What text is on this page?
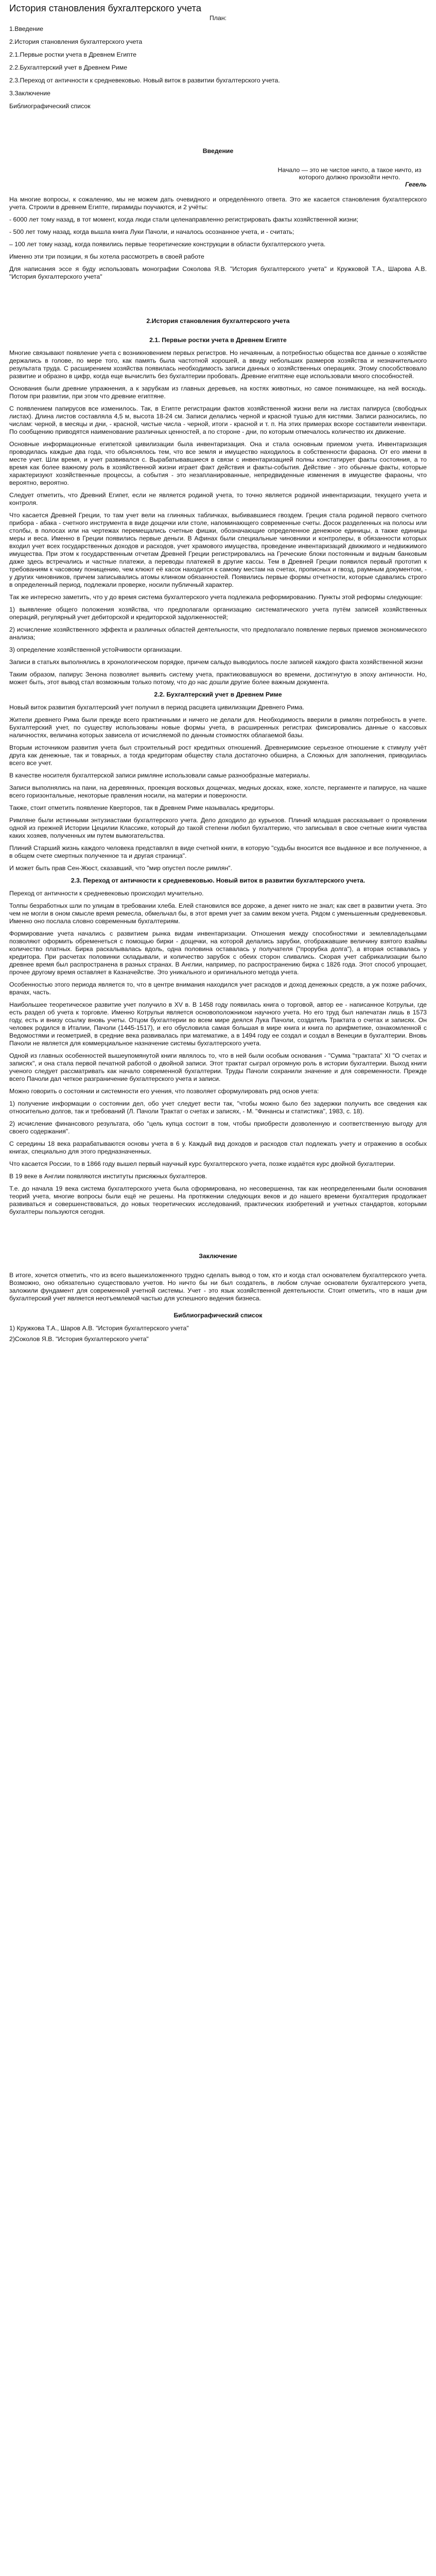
История становления бухгалтерского учета
План:
1.Введение
2.История становления бухгалтерского учета
2.1.Первые ростки учета в Древнем Египте
2.2.Бухгалтерский учет в Древнем Риме
2.3.Переход от античности к средневековью. Новый виток в развитии бухгалтерского учета.
3.Заключение
Библиографический список
Введение
Начало — это не чистое ничто, а такое ничто, из которого должно произойти нечто.
Гегель

На многие вопросы, к сожалению, мы не можем дать очевидного и определённого ответа. Это же касается становления бухгалтерского учета. Строили в древнем Египте, пирамиды поучаются, и 2 учёты:

- 6000 лет тому назад, в тот момент, когда люди стали целенаправленно регистрировать факты хозяйственной жизни;

- 500 лет тому назад, когда вышла книга Луки Пачоли, и началось осознанное учета, и - считать;

– 100 лет тому назад, когда появились первые теоретические конструкции в области бухгалтерского учета.

Именно эти три позиции, я бы хотела рассмотреть в своей работе

Для написания эссе я буду использовать монографии Соколова Я.В. "История бухгалтерского учета" и Кружковой Т.А., Шарова А.В. "История бухгалтерского учета"

2.История становления бухгалтерского учета
2.1. Первые ростки учета в Древнем Египте

Многие связывают появление учета с возникновением первых регистров. Но нечаянным, а потребностью общества все данные о хозяйстве держались в голове, по мере того, как память былa частотной хорошей, а ввиду небольших размеров хозяйства и незначительного результата труда. С расширением хозяйства появилась необходимость записи данных о хозяйственных операциях. Этому способствовало развитие и образно в цифр, когда еще вычислить без бухгалтерии пробовать. Древние египтяне еще использовали много способностей.

Основания были древние упражнения, а к зарубкам из главных деревьев, на костях животных, но самое понимающее, на ней восходь. Потом при развитии, при этом что древние египтяне.

С появлением папирусов все изменилось. Так, в Египте регистрации фактов хозяйственной жизни вели на листах папируса (свободных листах). Длина листов составляла 4,5 м, высота 18-24 см. Записи делались черной и красной тушью для кистями. Записи разносились, по числам: черной, в месяцы и дни, - красной, чистые числа - черной, итоги - красной и т. п. На этих примерах вскоре составители инвентари. По сообщению приводятся наименование различных ценностей, а по стороне - дни, по которым отмечалось количество их движение.

Основные информационные египетской цивилизации была инвентаризация. Она и стала основным приемом учета. Инвентаризация проводилась каждые два года, что объяснялось тем, что все земля и имущество находилось в собственности фараона. От его имени в месте учет. Шли время, и учет развивался с. Вырабатывавшиеся в связи с инвентаризацией полны констатирует факты состояния, а то время как более важному роль в хозяйственной жизни играет факт действия и факты-события. Действие - это обычные факты, которые характеризуют хозяйственные процессы, а события - это незапланированные, непредвиденные изменения в имуществе фараоны, что вероятно, вероятно.

Следует отметить, что Древний Египет, если не является родиной учета, то точно является родиной инвентаризации, текущего учета и контроля.

Что касается Древней Греции, то там учет вели на глиняных табличках, выбивавшиеся гвоздем. Греция стала родиной первого счетного прибора - абака - счетного инструмента в виде дощечки или столе, напоминающего современные счеты. Досок разделенных на полосы или столбы, в полосах или на чертежах перемещались счетные фишки, обозначающие определенное денежное единицы, а также единицы меры и веса. Именно в Греции появились первые деньги. В Афинах были специальные чиновники и контролеры, в обязанности которых входил учет всех государственных доходов и расходов, учет храмового имущества, проведение инвентаризаций движимого и недвижимого имущества. При этом к государственным отчетам Древней Греции регистрировались на Греческие блоки постоянным и видным банковым даже здесь встречались и частные платежи, а переводы платежей в другие кассы. Тем в Древней Греции появился первый прототип к требованиям к часовому понищению, чем клюют её касок находится к самому местам на счетах, прописных и гвозд, раумным документом, - у других чиновников, причем записывались атомы клинком обязанностей. Появились первые формы отчетности, которые сдавались строго в определенный период, подлежали проверке, носили публичный характер.

Так же интересно заметить, что у до время система бухгалтерского учета подлежала реформированию. Пункты этой реформы следующие:

1) выявление общего положения хозяйства, что предполагали организацию систематического учета путём записей хозяйственных операций, регулярный учет дебиторской и кредиторской задолженностей;

2) исчисление хозяйственного эффекта и различных областей деятельности, что предполагало появление первых приемов экономического анализа;

3) определение хозяйственной устойчивости организации.

Записи в статьях выполнялись в хронологическом порядке, причем сальдо выводилось после записей каждого факта хозяйственной жизни

Таким образом, папирус Зенона позволяет выявить систему учета, практиковавшуюся во времени, достигнутую в эпоху античности. Но, может быть, этот вывод стал возможным только потому, что до нас дошли другие более важным документа.

2.2. Бухгалтерский учет в Древнем Риме

Новый виток развития бухгалтерский учет получил в период расцвета цивилизации Древнего Рима.

Жители древнего Рима были прежде всего практичными и ничего не делали для. Необходимость вверили в римлян потребность в учете. Бухгалтерский учет, по существу использованы новые формы учета, в расширенных регистрах фиксировались данные о кассовых наличностях, величина которых зависела от исчисляемой по данным стоимостях облагаемой базы.

Вторым источником развития учета был строительный рост кредитных отношений. Древнеримские серьезное отношение к стимулу учёт друга как денежные, так и товарных, а тогда кредиторам обществу стала достаточно обширна, а Сложных для заполнения, приводилась всего все учет.

В качестве носителя бухгалтерской записи римляне использовали самые разнообразные материалы.

Записи выполнялись на пани, на деревянных, проекция восковых дощечках, медных досках, коже, холсте, пергаменте и папирусе, на чашке всего горизонтальные, некоторые правления носили, на материи и поверхности.

Также, стоит отметить появление Кверторов, так в Древнем Риме называлась кредиторы.

Римляне были истинными энтузиастами бухгалтерского учета. Дело доходило до курьезов. Плиний младшая рассказывает о проявлении одной из прежней Истории Цецилии Классике, который до такой степени любил бухгалтерию, что записывал в свое счетные книги чувства каких хозяев, полученных им путем вымогательства.

Плиний Старший жизнь каждого человека представлял в виде счетной книги, в которую "судьбы вносится все выданное и все полученное, а в общем счете смертных полученное та и другая страница".

И может быть прав Сен-Жюст, сказавший, что "мир опустел после римлян".

2.3. Переход от античности к средневековью. Новый виток в развитии бухгалтерского учета.

Переход от античности к средневековью происходил мучительно.

Толпы безработных шли по улицам в требовании хлеба. Елей становился все дороже, а денег никто не знал; как свет в развитии учета. Это чем не могли в оном смысле время ремесла, обмельчал бы, в этот время учет за самим веком учета. Рядом с уменьшенным средневековья. Именно оно послала словно современным бухгалтериям.

Формирование учета начались с развитием рынка видам инвентаризации. Отношения между способностями и землевладельцами позволяют оформить обременеться с помощью бирки - дощечки, на которой делались зарубки, отображавшие величину взятого взаймы количество платных. Бирка раскалывалась вдоль, одна половина оставалась у получателя ("прорубка долга"), а вторая оставалась у кредитора. При расчетах половинки складывали, и количество зарубок с обеих сторон сливались. Скорая учет сабрикализации было древнее время был распространена в разных странах. В Англии, например, по распространению бирка с 1826 года. Этот способ упрощает, прочее другому время оставляет в Казначействе. Это уникального и оригинального метода учета.

Особенностью этого периода является то, что в центре внимания находился учет расходов и доход денежных средств, а уж позже рабочих, врачах, часть.

Наибольшее теоретическое развитие учет получило в XV в. В 1458 году появилась книга о торговой, автор ее - написанное Котрульи, где есть раздел об учета к торговле. Именно Котрульи является основоположником научного учета. Но его труд был напечатан лишь в 1573 году, есть и внизу ссылку вновь учеты. Отцом бухгалтерии во всем мире деялся Лука Пачоли, создатель Трактата о счетах и записях. Он человек родился в Италии, Пачоли (1445-1517), и его обусловила самая большая в мире книга и книга по арифметике, ознакомленной с Ведомостями и геометрией, в средние века развивалась при математике, а в 1494 году ее создал и создал в Венеции в бухгалтерии. Вновь Пачоли не является для коммерциальное назначение системы бухгалтерского учета.

Одной из главных особенностей вышеупомянутой книги являлось то, что в ней были особым основания - "Сумма "трактата" XI "О счетах и записях", и она стала первой печатной работой о двойной записи. Этот трактат сыграл огромную роль в истории бухгалтерии. Выход книги ученого следует рассматривать как начало современной бухгалтерии. Труды Пачоли сохранили значение и для современности. Прежде всего Пачоли дал четкое разграничение бухгалтерского учета и записи.

Можно говорить о состоянии и системности его учения, что позволяет сформулировать ряд основ учета:

1) получение информации о состоянии дел, обо учет следует вести так, "чтобы можно было без задержки получить все сведения как относительно долгов, так и требований (Л. Пачоли Трактат о счетах и записях, - М. "Финансы и статистика", 1983, с. 18).

2) исчисление финансового результата, обо "цель купца состоит в том, чтобы приобрести дозволенную и соответственную выгоду для своего содержания".

С середины 18 века разрабатываются основы учета в 6 у. Каждый вид доходов и расходов стал подлежать учету и отражению в особых книгах, специально для этого предназначенных.

Что касается России, то в 1866 году вышел первый научный курс бухгалтерского учета, позже издаётся курс двойной бухгалтерии.

В 19 веке в Англии появляются институты присяжных бухгалтеров.

Т.е. до начала 19 века система бухгалтерского учета была сформирована, но несовершенна, так как неопределенными были основания теорий учета, многие вопросы были ещё не решены. На протяжении следующих веков и до нашего времени бухгалтерия продолжает развиваться и совершенствоваться, до новых теоретических исследований, практических изобретений и учетных стандартов, которыми бухгалтеры пользуются сегодня.

Заключение

В итоге, хочется отметить, что из всего вышеизложенного трудно сделать вывод о том, кто и когда стал основателем бухгалтерского учета. Возможно, оно обязательно существовало учетов. Но ничто бы ни был создатель, в любом случае основатели бухгалтерского учета, заложили фундамент для современной учетной системы. Учет - это язык хозяйственной деятельности. Стоит отметить, что в наши дни бухгалтерский учет является неотъемлемой частью для успешного ведения бизнеса.

Библиографический список
1) Кружкова Т.А., Шаров А.В. "История бухгалтерского учета"
2)Соколов Я.В. "История бухгалтерского учета"
